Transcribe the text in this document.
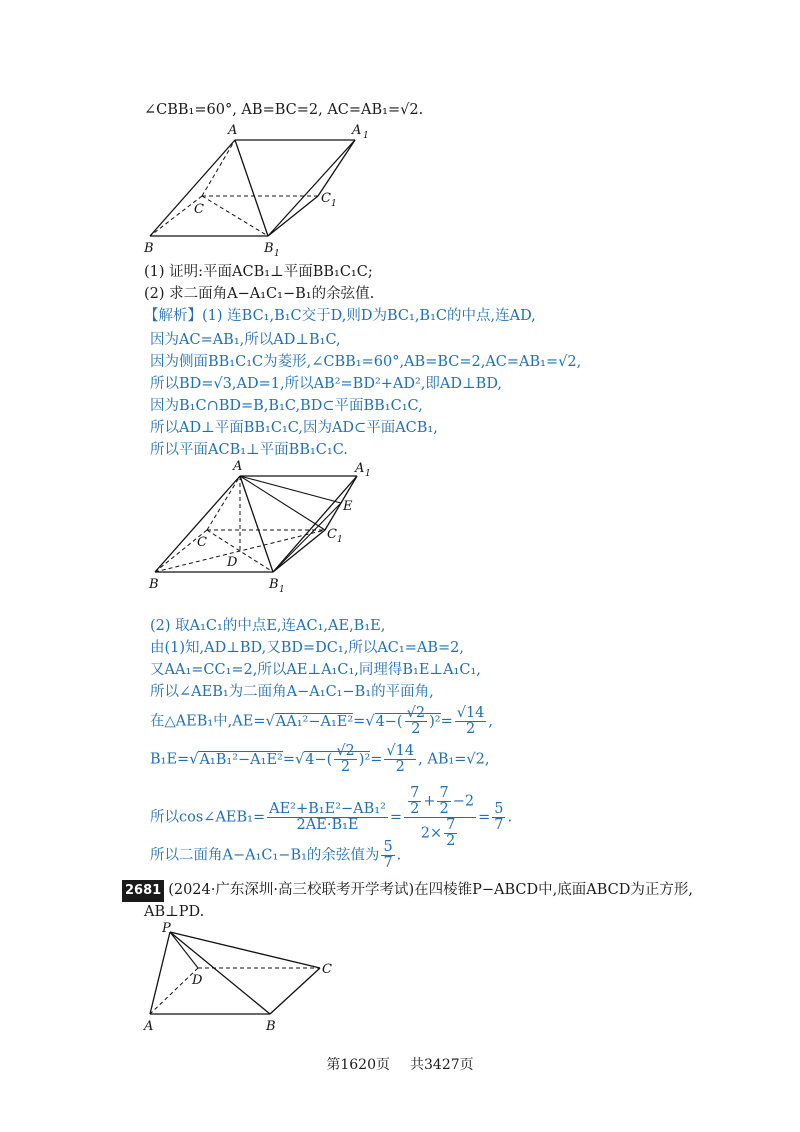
∠CBB₁=60°, AB=BC=2, AC=AB₁=√2.
A	A 1
C
C 1
B	B 1
(1) 证明:平面ACB₁⊥平面BB₁C₁C;
(2) 求二面角A−A₁C₁−B₁的余弦值.
【解析】(1) 连BC₁,B₁C交于D,则D为BC₁,B₁C的中点,连AD,
因为AC=AB₁,所以AD⊥B₁C,
因为侧面BB₁C₁C为菱形,∠CBB₁=60°,AB=BC=2,AC=AB₁=√2,
所以BD=√3,AD=1,所以AB²=BD²+AD²,即AD⊥BD,
因为B₁C∩BD=B,B₁C,BD⊂平面BB₁C₁C,
所以AD⊥平面BB₁C₁C,因为AD⊂平面ACB₁,
所以平面ACB₁⊥平面BB₁C₁C.
A	A 1
E
C
C 1
D
B	B 1
(2) 取A₁C₁的中点E,连AC₁,AE,B₁E,
由(1)知,AD⊥BD,又BD=DC₁,所以AC₁=AB=2,
又AA₁=CC₁=2,所以AE⊥A₁C₁,同理得B₁E⊥A₁C₁,
所以∠AEB₁为二面角A−A₁C₁−B₁的平面角,
在△AEB₁中$,AE=√AA_1^2-A_1E^2=√4-( \frac{√2}{2} )^2= \frac{√14}{2}$ ,
$B_1E=√A_1B_1^2-A_1E^2=√4-( \frac{√2}{2} )^2= \frac{√14}{2}$ , AB₁=√2,
所以cos∠AEB₁= $\frac{\text{AE²+B₁E²−AB₁²}}{\text{2AE·B₁E}} = \frac{\frac{7}{2} + \frac{7}{2} -2}{2\times \frac{7}{2}} = \frac{5}{7}$ .
所以二面角A−A₁C₁−B₁的余弦值为 $\frac{5}{7}$ .
2681 (2024·广东深圳·高三校联考开学考试)在四棱锥P−ABCD中,底面ABCD为正方形,
AB⊥PD.
P
D
C
A	B
第1620页 共3427页
